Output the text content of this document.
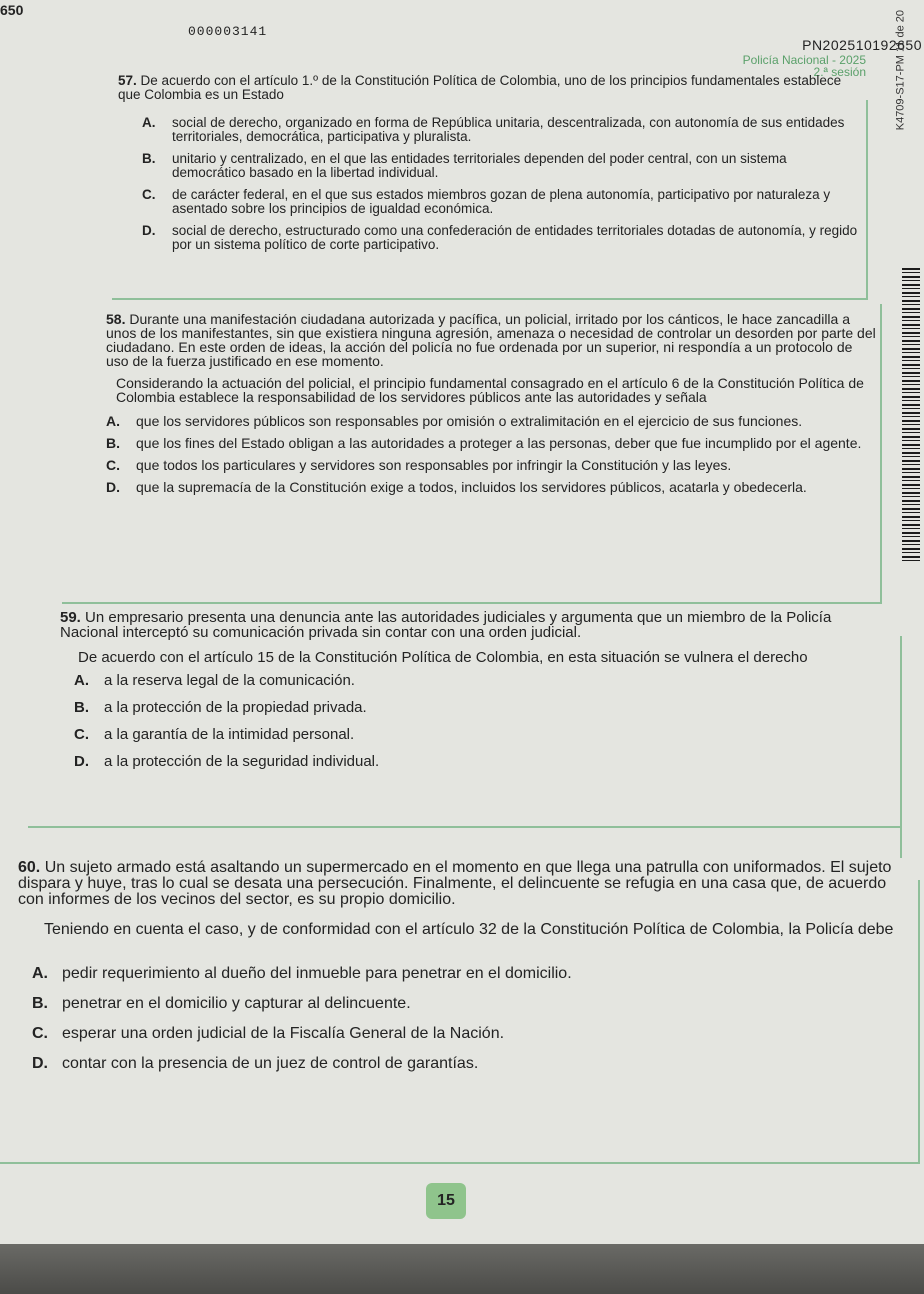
650

000003141

PN202510192650

Policía Nacional - 2025
2.ª sesión	K4709-S17-PM 11 de 20

57. De acuerdo con el artículo 1.º de la Constitución Política de Colombia, uno de los principios fundamentales establece que Colombia es un Estado

A.	social de derecho, organizado en forma de República unitaria, descentralizada, con autonomía de sus entidades territoriales, democrática, participativa y pluralista.
B.	unitario y centralizado, en el que las entidades territoriales dependen del poder central, con un sistema democrático basado en la libertad individual.
C.	de carácter federal, en el que sus estados miembros gozan de plena autonomía, participativo por naturaleza y asentado sobre los principios de igualdad económica.
D.	social de derecho, estructurado como una confederación de entidades territoriales dotadas de autonomía, y regido por un sistema político de corte participativo.

58. Durante una manifestación ciudadana autorizada y pacífica, un policial, irritado por los cánticos, le hace zancadilla a unos de los manifestantes, sin que existiera ninguna agresión, amenaza o necesidad de controlar un desorden por parte del ciudadano. En este orden de ideas, la acción del policía no fue ordenada por un superior, ni respondía a un protocolo de uso de la fuerza justificado en ese momento.

Considerando la actuación del policial, el principio fundamental consagrado en el artículo 6 de la Constitución Política de Colombia establece la responsabilidad de los servidores públicos ante las autoridades y señala

A.	que los servidores públicos son responsables por omisión o extralimitación en el ejercicio de sus funciones.
B.	que los fines del Estado obligan a las autoridades a proteger a las personas, deber que fue incumplido por el agente.
C.	que todos los particulares y servidores son responsables por infringir la Constitución y las leyes.
D.	que la supremacía de la Constitución exige a todos, incluidos los servidores públicos, acatarla y obedecerla.

59. Un empresario presenta una denuncia ante las autoridades judiciales y argumenta que un miembro de la Policía Nacional interceptó su comunicación privada sin contar con una orden judicial.

De acuerdo con el artículo 15 de la Constitución Política de Colombia, en esta situación se vulnera el derecho

A.	a la reserva legal de la comunicación.
B.	a la protección de la propiedad privada.
C.	a la garantía de la intimidad personal.
D.	a la protección de la seguridad individual.

60. Un sujeto armado está asaltando un supermercado en el momento en que llega una patrulla con uniformados. El sujeto dispara y huye, tras lo cual se desata una persecución. Finalmente, el delincuente se refugia en una casa que, de acuerdo con informes de los vecinos del sector, es su propio domicilio.

Teniendo en cuenta el caso, y de conformidad con el artículo 32 de la Constitución Política de Colombia, la Policía debe

A. pedir requerimiento al dueño del inmueble para penetrar en el domicilio.
B. penetrar en el domicilio y capturar al delincuente.
C. esperar una orden judicial de la Fiscalía General de la Nación.
D. contar con la presencia de un juez de control de garantías.
15
